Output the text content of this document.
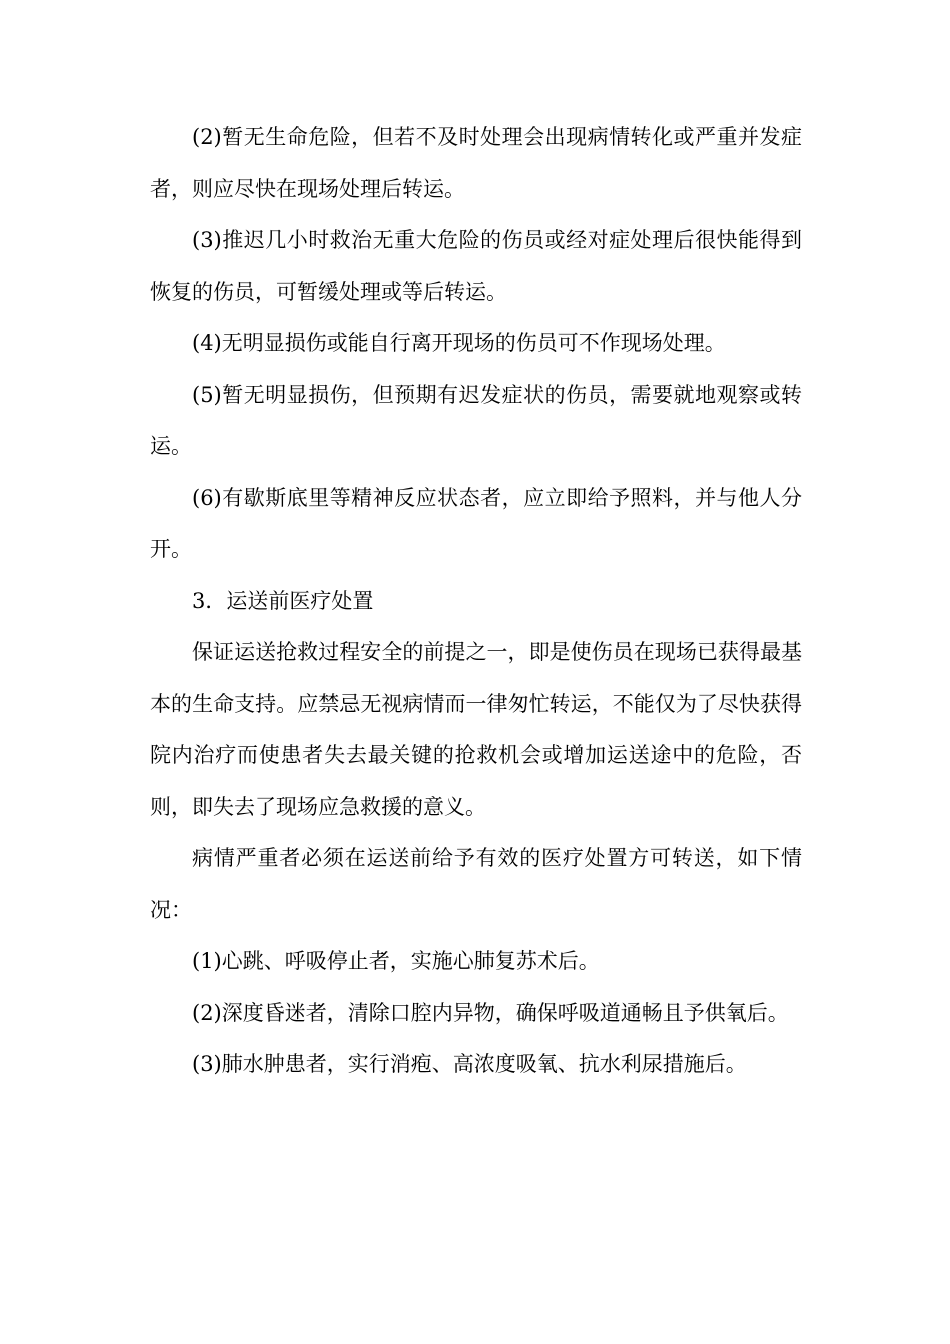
(2)暂无生命危险，但若不及时处理会出现病情转化或严重并发症者，则应尽快在现场处理后转运。

(3)推迟几小时救治无重大危险的伤员或经对症处理后很快能得到恢复的伤员，可暂缓处理或等后转运。

(4)无明显损伤或能自行离开现场的伤员可不作现场处理。

(5)暂无明显损伤，但预期有迟发症状的伤员，需要就地观察或转运。

(6)有歇斯底里等精神反应状态者，应立即给予照料，并与他人分开。

3．运送前医疗处置

保证运送抢救过程安全的前提之一，即是使伤员在现场已获得最基本的生命支持。应禁忌无视病情而一律匆忙转运，不能仅为了尽快获得院内治疗而使患者失去最关键的抢救机会或增加运送途中的危险，否则，即失去了现场应急救援的意义。

病情严重者必须在运送前给予有效的医疗处置方可转送，如下情况：

(1)心跳、呼吸停止者，实施心肺复苏术后。

(2)深度昏迷者，清除口腔内异物，确保呼吸道通畅且予供氧后。

(3)肺水肿患者，实行消疱、高浓度吸氧、抗水利尿措施后。
